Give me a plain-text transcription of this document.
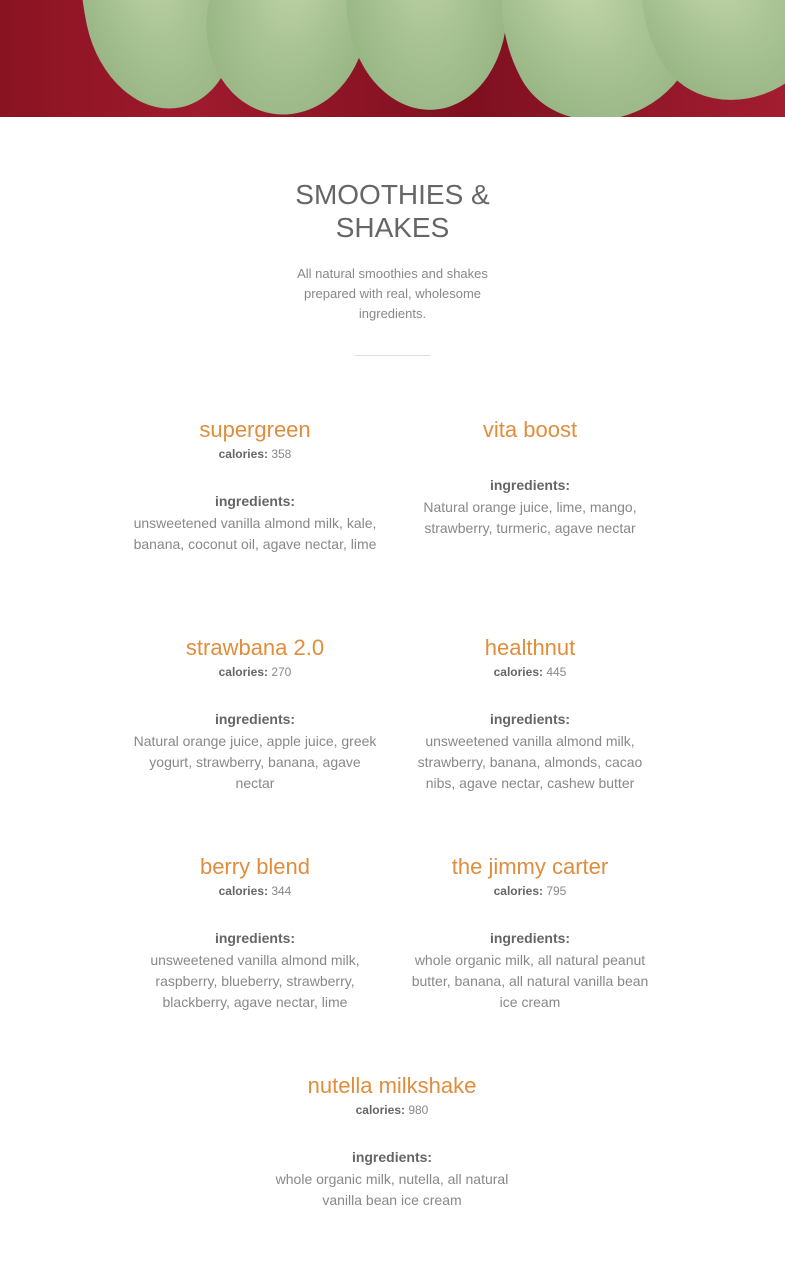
SMOOTHIES &
SHAKES

All natural smoothies and shakes prepared with real, wholesome ingredients.

supergreen

calories: 358

ingredients:

unsweetened vanilla almond milk, kale, banana, coconut oil, agave nectar, lime

vita boost

ingredients:

Natural orange juice, lime, mango, strawberry, turmeric, agave nectar

strawbana 2.0

calories: 270

ingredients:

Natural orange juice, apple juice, greek yogurt, strawberry, banana, agave nectar

healthnut

calories: 445

ingredients:

unsweetened vanilla almond milk, strawberry, banana, almonds, cacao nibs, agave nectar, cashew butter

berry blend

calories: 344

ingredients:

unsweetened vanilla almond milk, raspberry, blueberry, strawberry, blackberry, agave nectar, lime

the jimmy carter

calories: 795

ingredients:

whole organic milk, all natural peanut butter, banana, all natural vanilla bean ice cream

nutella milkshake

calories: 980

ingredients:

whole organic milk, nutella, all natural vanilla bean ice cream
